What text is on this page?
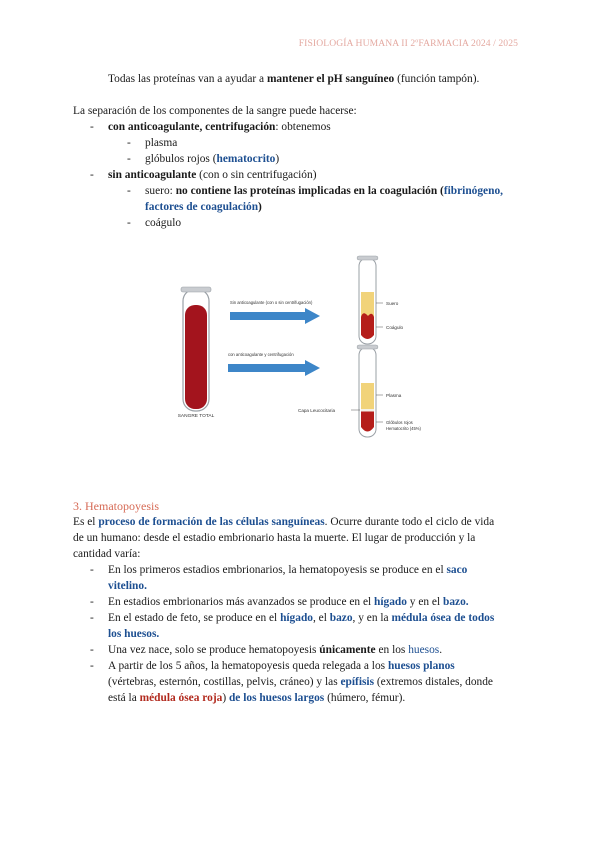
FISIOLOGÍA HUMANA II 2ºFARMACIA 2024 / 2025
Todas las proteínas van a ayudar a mantener el pH sanguíneo (función tampón).
La separación de los componentes de la sangre puede hacerse:
- con anticoagulante, centrifugación: obtenemos
- plasma
- glóbulos rojos (hematocrito)
- sin anticoagulante (con o sin centrifugación)
- suero: no contiene las proteínas implicadas en la coagulación (fibrinógeno,
factores de coagulación)
- coágulo
SANGRE TOTAL
Sin anticoagulante (con o sin centrifugación)
con anticoagulante y centrifugación
Suero
Coágulo
Plasma
Capa Leucocitaria
Glóbulos rojos
Hematocrito (45%)
3. Hematopoyesis
Es el proceso de formación de las células sanguíneas. Ocurre durante todo el ciclo de vida
de un humano: desde el estadio embrionario hasta la muerte. El lugar de producción y la
cantidad varía:
- En los primeros estadios embrionarios, la hematopoyesis se produce en el saco
vitelino.
- En estadios embrionarios más avanzados se produce en el hígado y en el bazo.
- En el estado de feto, se produce en el hígado, el bazo, y en la médula ósea de todos
los huesos.
- Una vez nace, solo se produce hematopoyesis únicamente en los huesos.
- A partir de los 5 años, la hematopoyesis queda relegada a los huesos planos
(vértebras, esternón, costillas, pelvis, cráneo) y las epífisis (extremos distales, donde
está la médula ósea roja) de los huesos largos (húmero, fémur).
